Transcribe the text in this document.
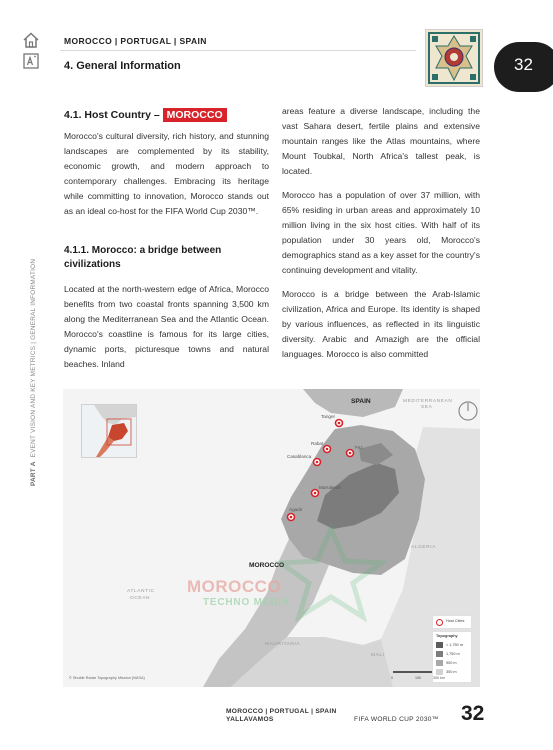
PART A  EVENT VISION AND KEY METRICS | GENERAL INFORMATION
MOROCCO | PORTUGAL | SPAIN
4. General Information	32
4.1. Host Country – MOROCCO

Morocco's cultural diversity, rich history, and stunning landscapes are complemented by its stability, economic growth, and modern approach to contemporary challenges. Embracing its heritage while committing to innovation, Morocco stands out as an ideal co-host for the FIFA World Cup 2030™.

4.1.1. Morocco: a bridge between civilizations

Located at the north-western edge of Africa, Morocco benefits from two coastal fronts spanning 3,500 km along the Mediterranean Sea and the Atlantic Ocean. Morocco's coastline is famous for its large cities, dynamic ports, picturesque towns and natural beaches. Inland

areas feature a diverse landscape, including the vast Sahara desert, fertile plains and extensive mountain ranges like the Atlas mountains, where Mount Toubkal, North Africa's tallest peak, is located.

Morocco has a population of over 37 million, with 65% residing in urban areas and approximately 10 million living in the six host cities. With half of its population under 30 years old, Morocco's demographics stand as a key asset for the country's continuing development and vitality.

Morocco is a bridge between the Arab-Islamic civilization, Africa and Europe. Its identity is shaped by various influences, as reflected in its linguistic diversity. Arabic and Amazigh are the official languages. Morocco is also committed

SPAIN	MEDITERRANEAN
SEA
ATLANTIC
OCEAN
ALGERIA
MOROCCO
MAURITANIA
MALI
Tanger
Rabat
Casablanca
Fez
Marrakech
Agadir
MOROCCO
TECHNO MEDIA
Host Cities
Topography
> 1,750 m
1,750 m
900 m
300 m
0	150	300 km
© Shuttle Radar Topography Mission (NASA)
MOROCCO | PORTUGAL | SPAIN
YALLAVAMOS	FIFA WORLD CUP 2030™ 32
